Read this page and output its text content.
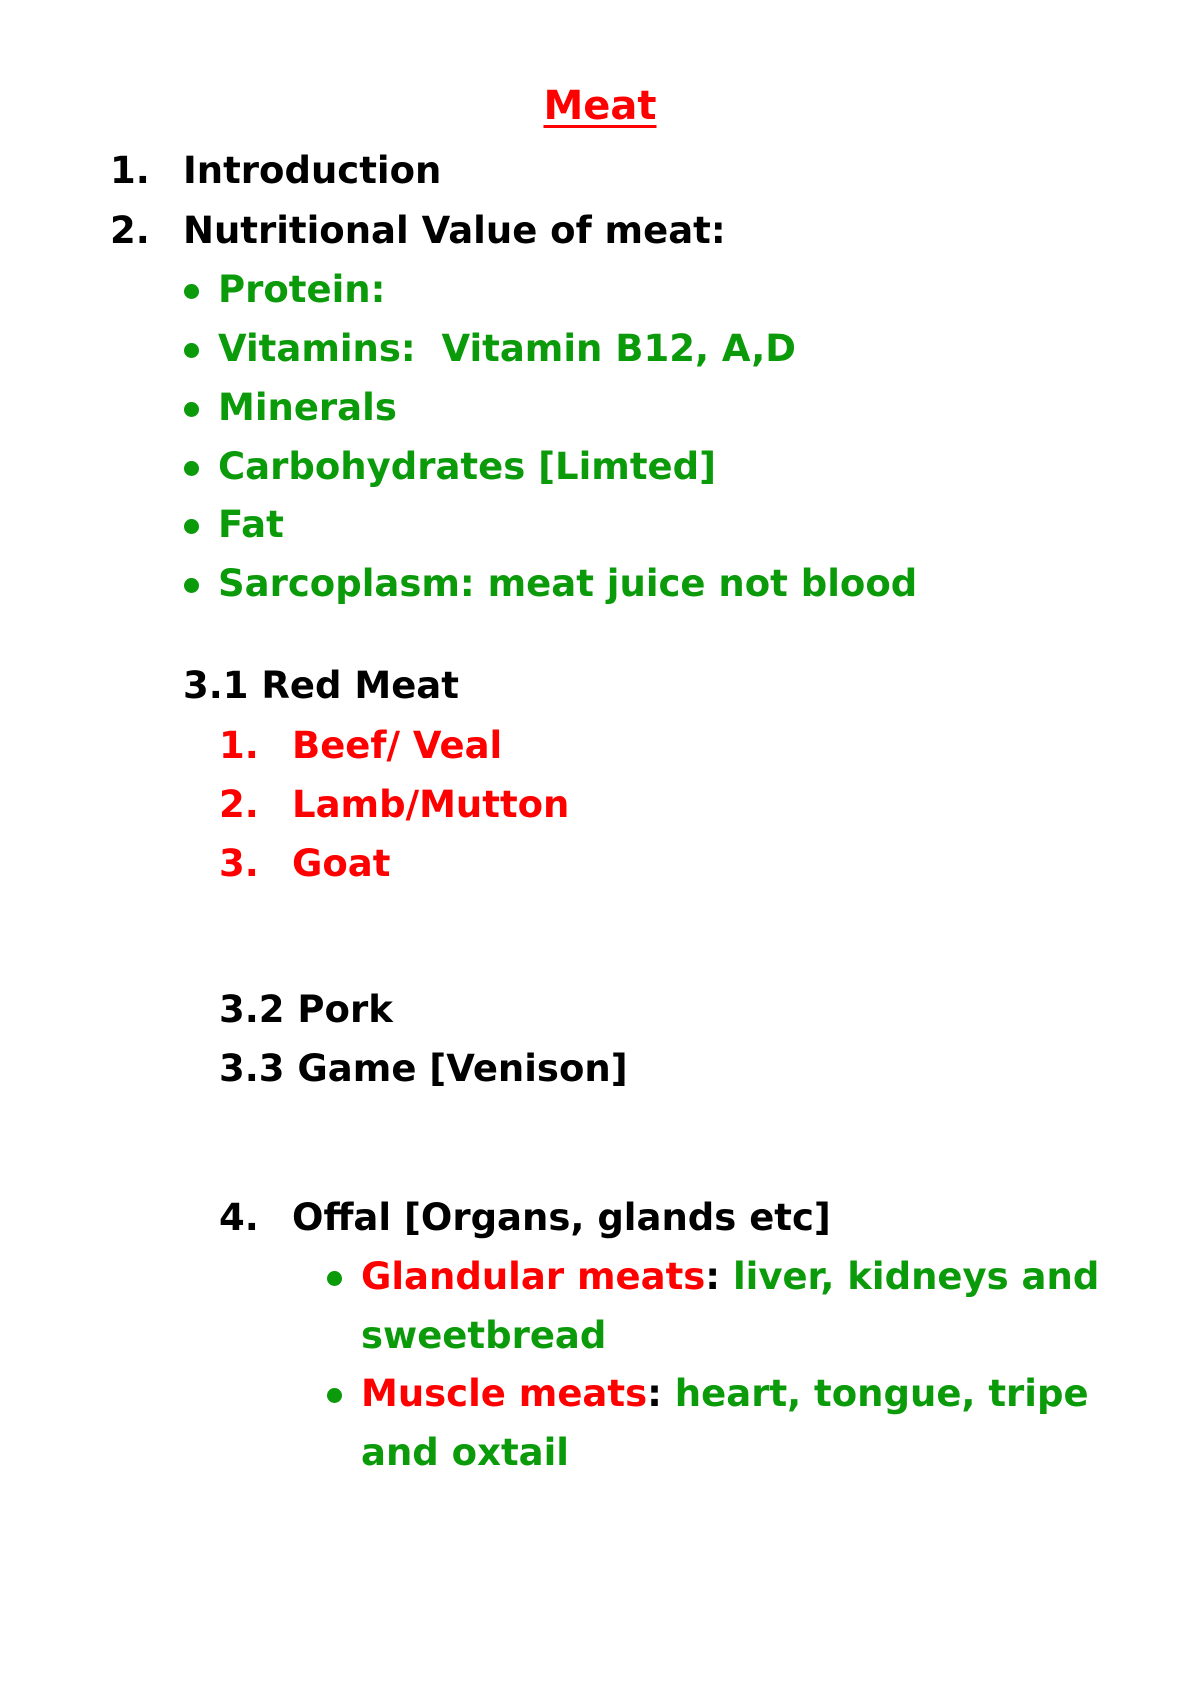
Meat
1. Introduction
2. Nutritional Value of meat:
Protein:
Vitamins:  Vitamin B12, A,D
Minerals
Carbohydrates [Limted]
Fat
Sarcoplasm: meat juice not blood
3.1 Red Meat
1. Beef/ Veal
2. Lamb/Mutton
3. Goat
3.2 Pork
3.3 Game [Venison]
4. Offal [Organs, glands etc]
Glandular meats: liver, kidneys and
sweetbread
Muscle meats: heart, tongue, tripe
and oxtail
